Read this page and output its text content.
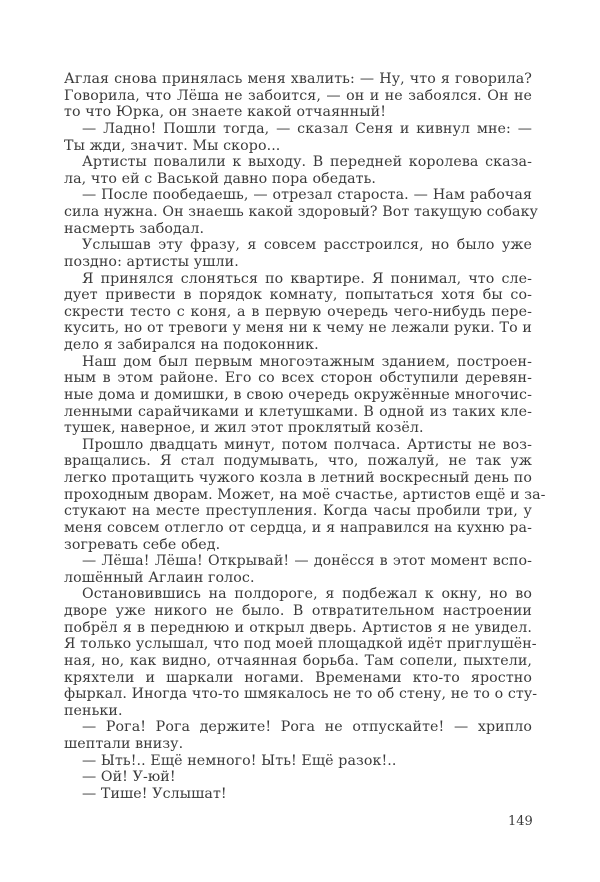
Аглая снова принялась меня хвалить: — Ну, что я говорила?
Говорила, что Лёша не забоится, — он и не забоялся. Он не
то что Юрка, он знаете какой отчаянный!
— Ладно! Пошли тогда, — сказал Сеня и кивнул мне: —
Ты жди, значит. Мы скоро...
Артисты повалили к выходу. В передней королева сказа-
ла, что ей с Васькой давно пора обедать.
— После пообедаешь, — отрезал староста. — Нам рабочая
сила нужна. Он знаешь какой здоровый? Вот такущую собаку
насмерть забодал.
Услышав эту фразу, я совсем расстроился, но было уже
поздно: артисты ушли.
Я принялся слоняться по квартире. Я понимал, что сле-
дует привести в порядок комнату, попытаться хотя бы со-
скрести тесто с коня, а в первую очередь чего-нибудь пере-
кусить, но от тревоги у меня ни к чему не лежали руки. То и
дело я забирался на подоконник.
Наш дом был первым многоэтажным зданием, построен-
ным в этом районе. Его со всех сторон обступили деревян-
ные дома и домишки, в свою очередь окружённые многочис-
ленными сарайчиками и клетушками. В одной из таких кле-
тушек, наверное, и жил этот проклятый козёл.
Прошло двадцать минут, потом полчаса. Артисты не воз-
вращались. Я стал подумывать, что, пожалуй, не так уж
легко протащить чужого козла в летний воскресный день по
проходным дворам. Может, на моё счастье, артистов ещё и за-
стукают на месте преступления. Когда часы пробили три, у
меня совсем отлегло от сердца, и я направился на кухню ра-
зогревать себе обед.
— Лёша! Лёша! Открывай! — донёсся в этот момент вспо-
лошённый Аглаин голос.
Остановившись на полдороге, я подбежал к окну, но во
дворе уже никого не было. В отвратительном настроении
побрёл я в переднюю и открыл дверь. Артистов я не увидел.
Я только услышал, что под моей площадкой идёт приглушён-
ная, но, как видно, отчаянная борьба. Там сопели, пыхтели,
кряхтели и шаркали ногами. Временами кто-то яростно
фыркал. Иногда что-то шмякалось не то об стену, не то о сту-
пеньки.
— Рога! Рога держите! Рога не отпускайте! — хрипло
шептали внизу.
— Ыть!.. Ещё немного! Ыть! Ещё разок!..
— Ой! У-юй!
— Тише! Услышат!
149
